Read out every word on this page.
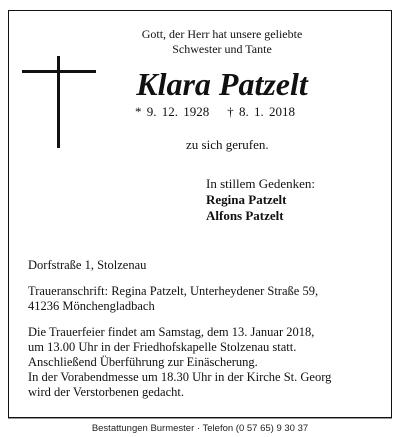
Gott, der Herr hat unsere geliebte
Schwester und Tante
Klara Patzelt
* 9. 12. 1928 † 8. 1. 2018
zu sich gerufen.
In stillem Gedenken:
Regina Patzelt
Alfons Patzelt

Dorfstraße 1, Stolzenau

Traueranschrift: Regina Patzelt, Unterheydener Straße 59,

41236 Mönchengladbach

Die Trauerfeier findet am Samstag, dem 13. Januar 2018,

um 13.00 Uhr in der Friedhofskapelle Stolzenau statt.

Anschließend Überführung zur Einäscherung.

In der Vorabendmesse um 18.30 Uhr in der Kirche St. Georg

wird der Verstorbenen gedacht.

Bestattungen Burmester · Telefon (0 57 65) 9 30 37
